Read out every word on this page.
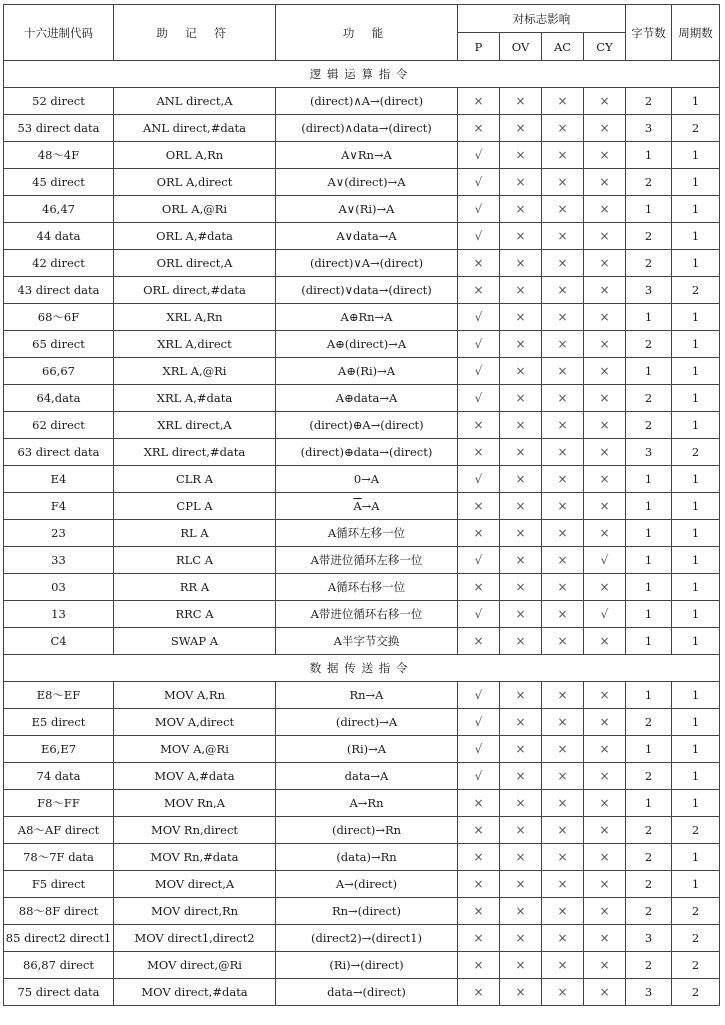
十六进制代码	助 记 符	功 能	对标志影响				字节数	周期数
			P	OV	AC	CY		
逻辑运算指令								
52 direct	ANL direct,A	(direct)∧A→(direct)	×	×	×	×	2	1
53 direct data	ANL direct,#data	(direct)∧data→(direct)	×	×	×	×	3	2
48～4F	ORL A,Rn	A∨Rn→A	√	×	×	×	1	1
45 direct	ORL A,direct	A∨(direct)→A	√	×	×	×	2	1
46,47	ORL A,@Ri	A∨(Ri)→A	√	×	×	×	1	1
44 data	ORL A,#data	A∨data→A	√	×	×	×	2	1
42 direct	ORL direct,A	(direct)∨A→(direct)	×	×	×	×	2	1
43 direct data	ORL direct,#data	(direct)∨data→(direct)	×	×	×	×	3	2
68～6F	XRL A,Rn	A⊕Rn→A	√	×	×	×	1	1
65 direct	XRL A,direct	A⊕(direct)→A	√	×	×	×	2	1
66,67	XRL A,@Ri	A⊕(Ri)→A	√	×	×	×	1	1
64,data	XRL A,#data	A⊕data→A	√	×	×	×	2	1
62 direct	XRL direct,A	(direct)⊕A→(direct)	×	×	×	×	2	1
63 direct data	XRL direct,#data	(direct)⊕data→(direct)	×	×	×	×	3	2
E4	CLR A	0→A	√	×	×	×	1	1
F4	CPL A	$\overline{A}\to A$	×	×	×	×	1	1
23	RL A	A循环左移一位	×	×	×	×	1	1
33	RLC A	A带进位循环左移一位	√	×	×	√	1	1
03	RR A	A循环右移一位	×	×	×	×	1	1
13	RRC A	A带进位循环右移一位	√	×	×	√	1	1
C4	SWAP A	A半字节交换	×	×	×	×	1	1
数据传送指令								
E8～EF	MOV A,Rn	Rn→A	√	×	×	×	1	1
E5 direct	MOV A,direct	(direct)→A	√	×	×	×	2	1
E6,E7	MOV A,@Ri	(Ri)→A	√	×	×	×	1	1
74 data	MOV A,#data	data→A	√	×	×	×	2	1
F8～FF	MOV Rn,A	A→Rn	×	×	×	×	1	1
A8～AF direct	MOV Rn,direct	(direct)→Rn	×	×	×	×	2	2
78～7F data	MOV Rn,#data	(data)→Rn	×	×	×	×	2	1
F5 direct	MOV direct,A	A→(direct)	×	×	×	×	2	1
88～8F direct	MOV direct,Rn	Rn→(direct)	×	×	×	×	2	2
85 direct2 direct1	MOV direct1,direct2	(direct2)→(direct1)	×	×	×	×	3	2
86,87 direct	MOV direct,@Ri	(Ri)→(direct)	×	×	×	×	2	2
75 direct data	MOV direct,#data	data→(direct)	×	×	×	×	3	2
